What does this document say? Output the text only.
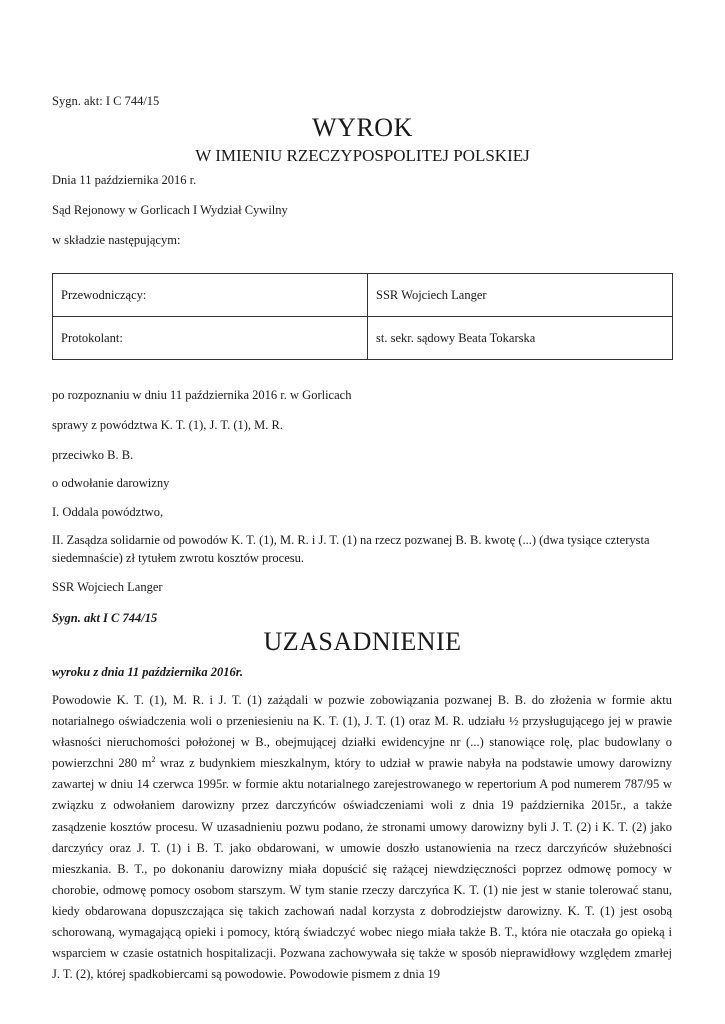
Sygn. akt: I C 744/15
WYROK
W IMIENIU RZECZYPOSPOLITEJ POLSKIEJ
Dnia 11 października 2016 r.
Sąd Rejonowy w Gorlicach I Wydział Cywilny
w składzie następującym:
Przewodniczący:	SSR Wojciech Langer
Protokolant:	st. sekr. sądowy Beata Tokarska
po rozpoznaniu w dniu 11 października 2016 r. w Gorlicach
sprawy z powództwa K. T. (1), J. T. (1), M. R.
przeciwko B. B.
o odwołanie darowizny
I. Oddala powództwo,
II. Zasądza solidarnie od powodów K. T. (1), M. R. i J. T. (1) na rzecz pozwanej B. B. kwotę (...) (dwa tysiące czterysta
siedemnaście) zł tytułem zwrotu kosztów procesu.
SSR Wojciech Langer
Sygn. akt I C 744/15
UZASADNIENIE
wyroku z dnia 11 października 2016r.
Powodowie K. T. (1), M. R. i J. T. (1) zażądali w pozwie zobowiązania pozwanej B. B. do złożenia w formie aktu notarialnego oświadczenia woli o przeniesieniu na K. T. (1), J. T. (1) oraz M. R. udziału ½ przysługującego jej w prawie własności nieruchomości położonej w B., obejmującej działki ewidencyjne nr (...) stanowiące rolę, plac budowlany o powierzchni 280 $m^2$ wraz z budynkiem mieszkalnym, który to udział w prawie nabyła na podstawie umowy darowizny zawartej w dniu 14 czerwca 1995r. w formie aktu notarialnego zarejestrowanego w repertorium A pod numerem 787/95 w związku z odwołaniem darowizny przez darczyńców oświadczeniami woli z dnia 19 października 2015r., a także zasądzenie kosztów procesu. W uzasadnieniu pozwu podano, że stronami umowy darowizny byli J. T. (2) i K. T. (2) jako darczyńcy oraz J. T. (1) i B. T. jako obdarowani, w umowie doszło ustanowienia na rzecz darczyńców służebności mieszkania. B. T., po dokonaniu darowizny miała dopuścić się rażącej niewdzięczności poprzez odmowę pomocy w chorobie, odmowę pomocy osobom starszym. W tym stanie rzeczy darczyńca K. T. (1) nie jest w stanie tolerować stanu, kiedy obdarowana dopuszczająca się takich zachowań nadal korzysta z dobrodziejstw darowizny. K. T. (1) jest osobą schorowaną, wymagającą opieki i pomocy, którą świadczyć wobec niego miała także B. T., która nie otaczała go opieką i wsparciem w czasie ostatnich hospitalizacji. Pozwana zachowywała się także w sposób nieprawidłowy względem zmarłej J. T. (2), której spadkobiercami są powodowie. Powodowie pismem z dnia 19
